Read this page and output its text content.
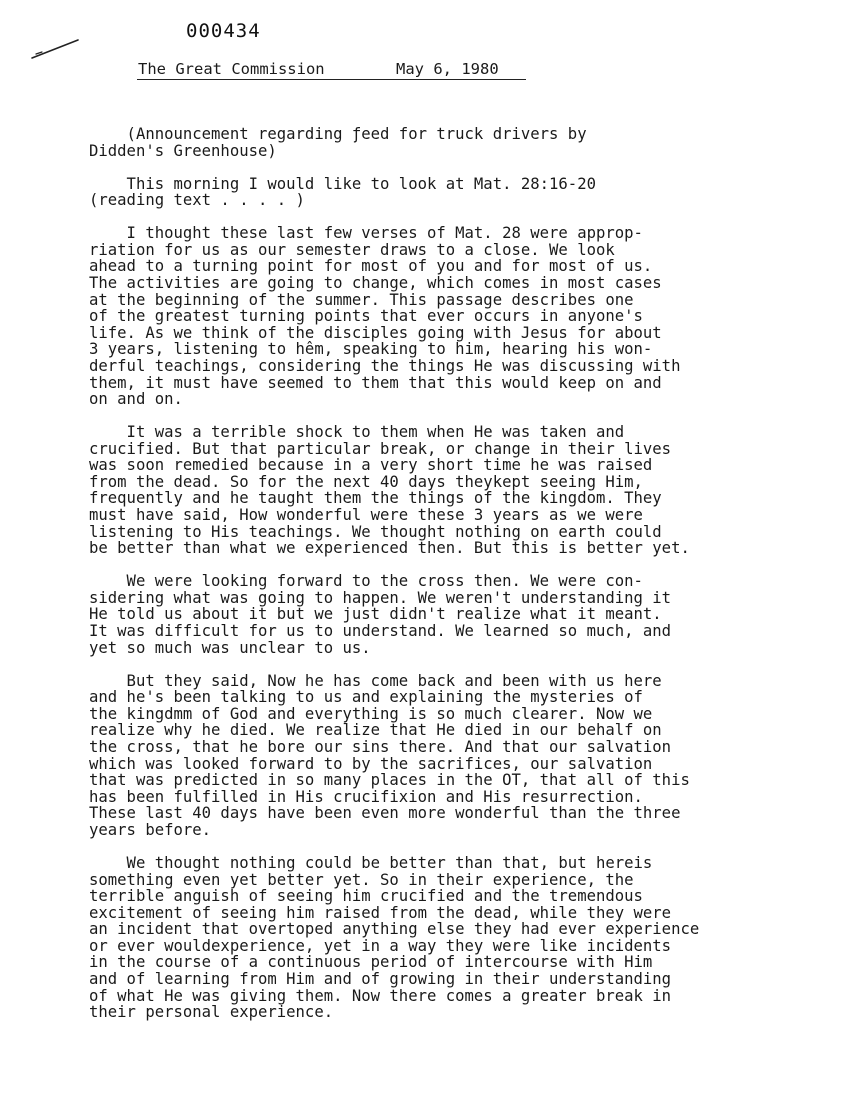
000434
The Great Commission	May 6, 1980

(Announcement regarding ƒeed for truck drivers by
Didden's Greenhouse)

This morning I would like to look at Mat. 28:16-20
(reading text . . . . )

I thought these last few verses of Mat. 28 were approp-
riation for us as our semester draws to a close. We look
ahead to a turning point for most of you and for most of us.
The activities are going to change, which comes in most cases
at the beginning of the summer. This passage describes one
of the greatest turning points that ever occurs in anyone's
life. As we think of the disciples going with Jesus for about
3 years, listening to hêm, speaking to him, hearing his won-
derful teachings, considering the things He was discussing with
them, it must have seemed to them that this would keep on and
on and on.

It was a terrible shock to them when He was taken and
crucified. But that particular break, or change in their lives
was soon remedied because in a very short time he was raised
from the dead. So for the next 40 days theykept seeing Him,
frequently and he taught them the things of the kingdom. They
must have said, How wonderful were these 3 years as we were
listening to His teachings. We thought nothing on earth could
be better than what we experienced then. But this is better yet.

We were looking forward to the cross then. We were con-
sidering what was going to happen. We weren't understanding it
He told us about it but we just didn't realize what it meant.
It was difficult for us to understand. We learned so much, and
yet so much was unclear to us.

But they said, Now he has come back and been with us here
and he's been talking to us and explaining the mysteries of
the kingdmm of God and everything is so much clearer. Now we
realize why he died. We realize that He died in our behalf on
the cross, that he bore our sins there. And that our salvation
which was looked forward to by the sacrifices, our salvation
that was predicted in so many places in the OT, that all of this
has been fulfilled in His crucifixion and His resurrection.
These last 40 days have been even more wonderful than the three
years before.

We thought nothing could be better than that, but hereis
something even yet better yet. So in their experience, the
terrible anguish of seeing him crucified and the tremendous
excitement of seeing him raised from the dead, while they were
an incident that overtoped anything else they had ever experience
or ever wouldexperience, yet in a way they were like incidents
in the course of a continuous period of intercourse with Him
and of learning from Him and of growing in their understanding
of what He was giving them. Now there comes a greater break in
their personal experience.
